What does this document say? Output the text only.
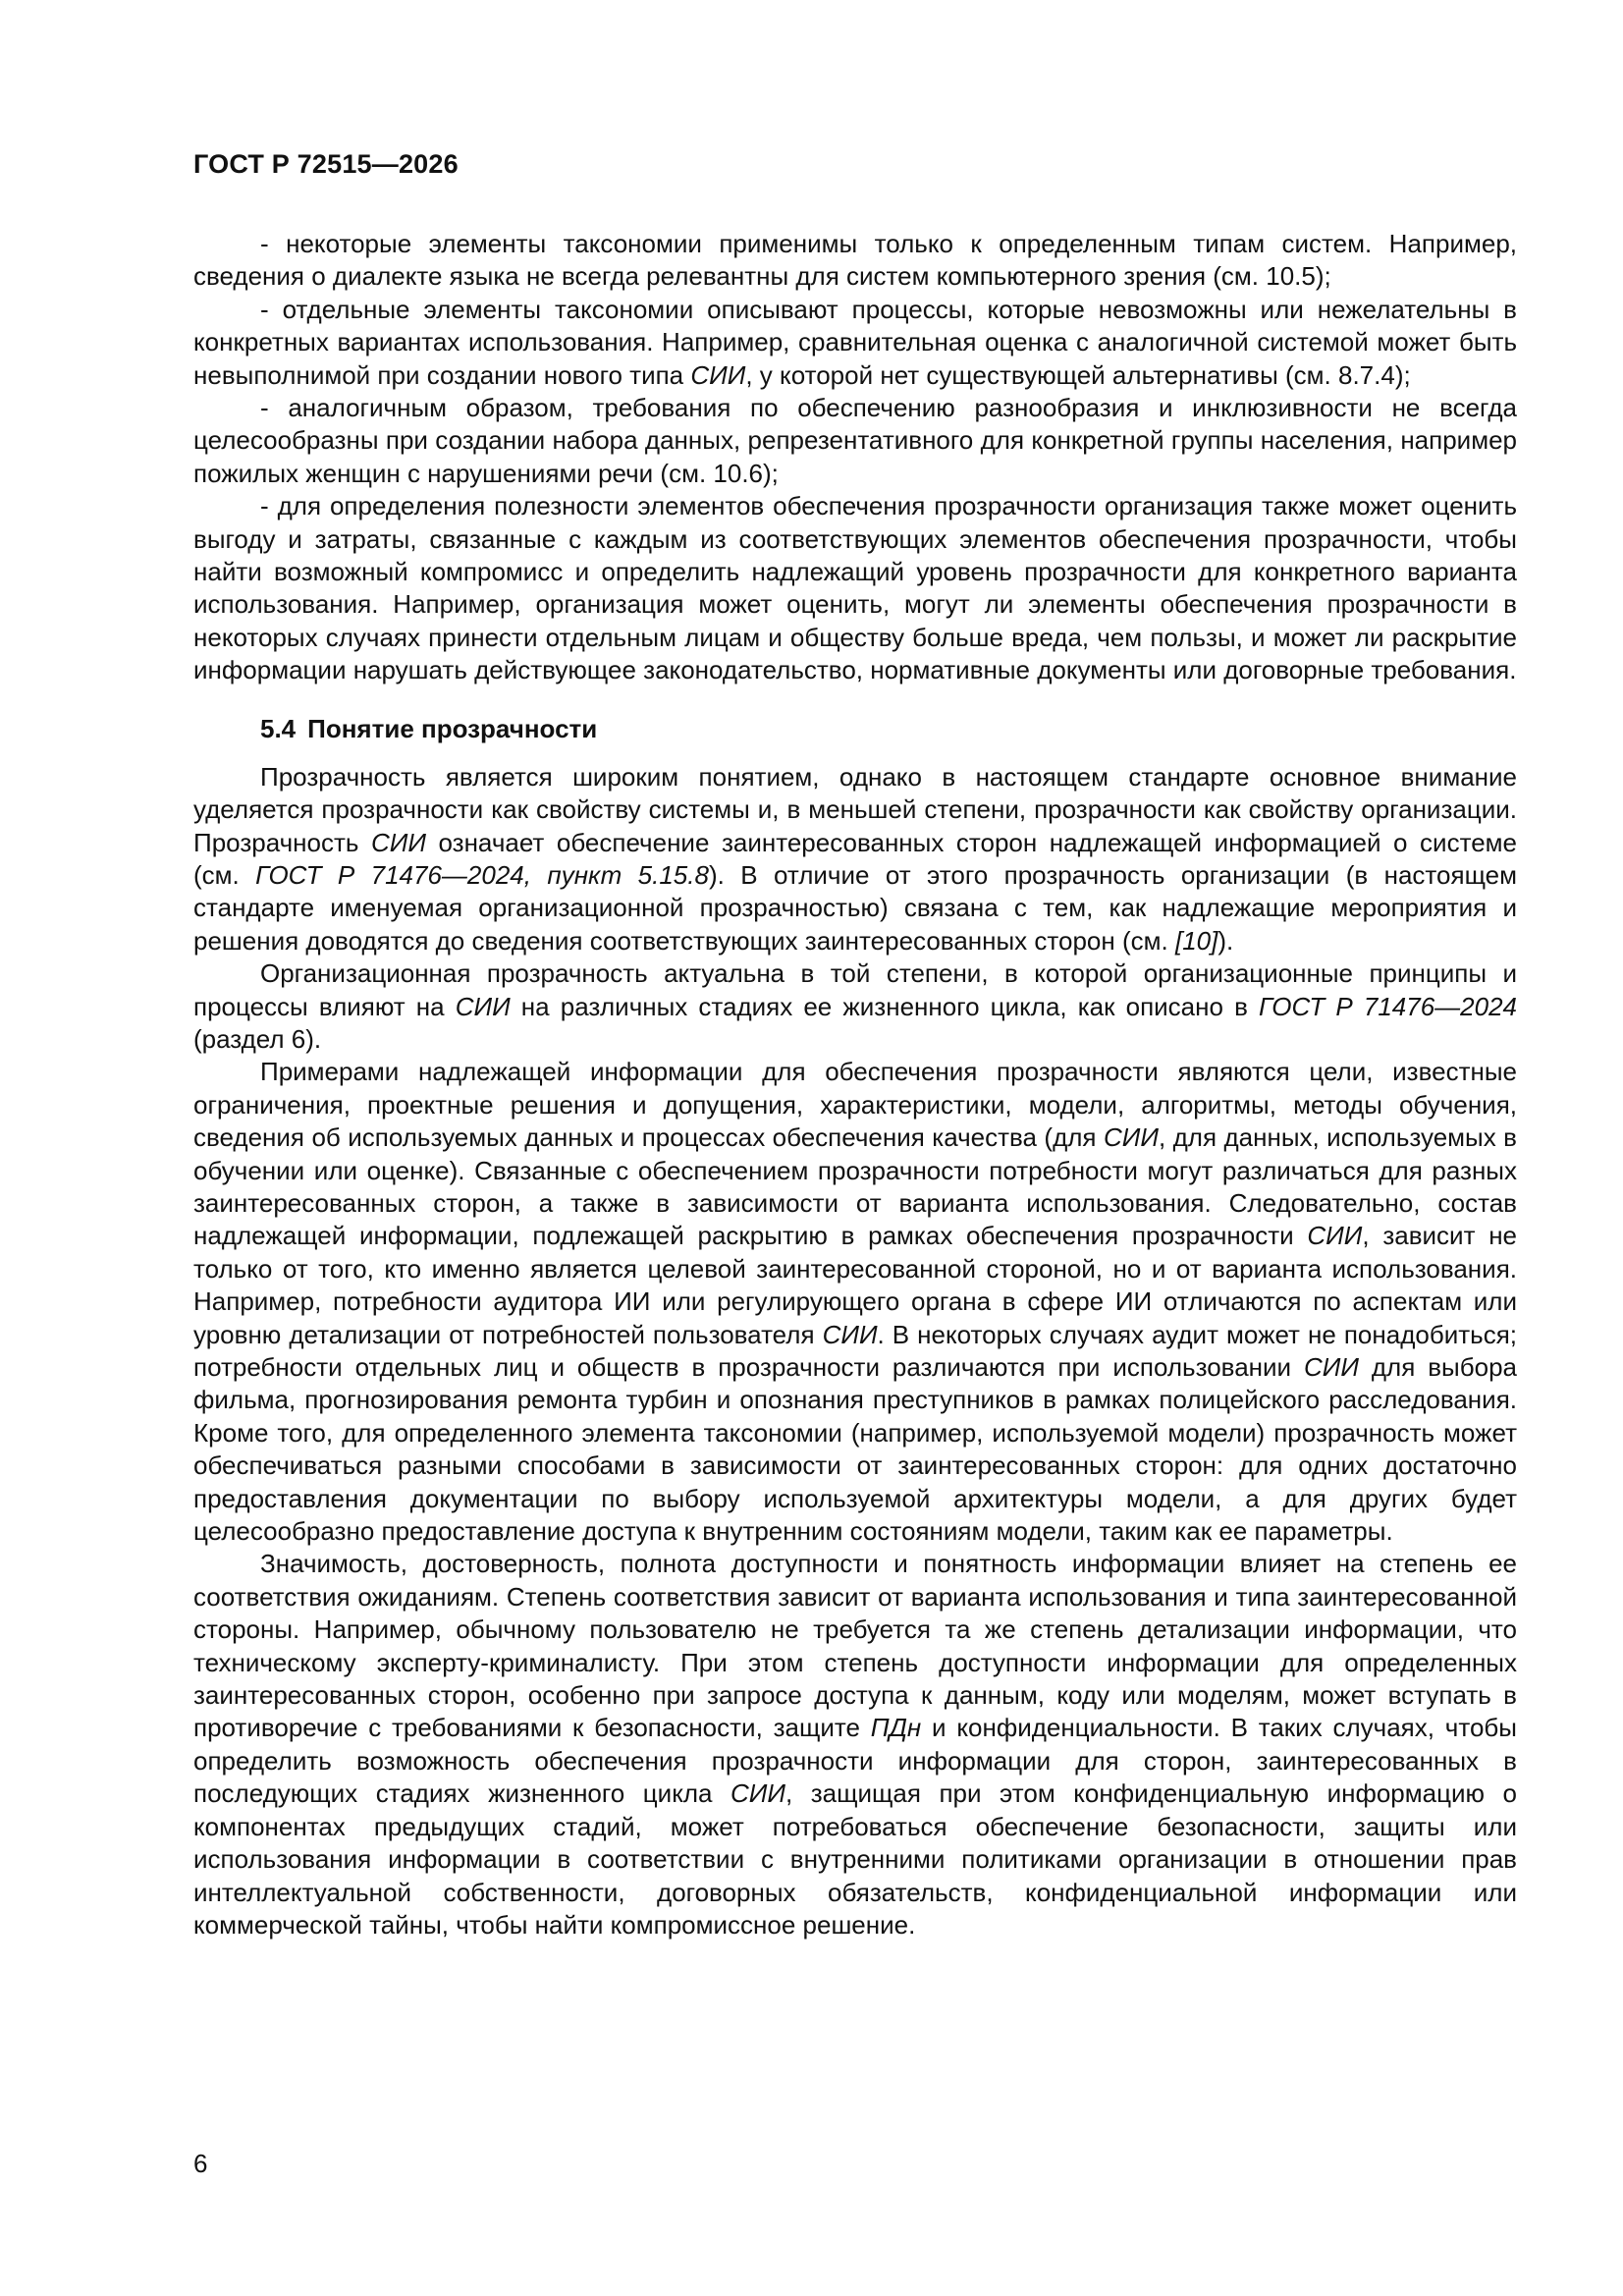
ГОСТ Р 72515—2026

- некоторые элементы таксономии применимы только к определенным типам систем. Например, сведения о диалекте языка не всегда релевантны для систем компьютерного зрения (см. 10.5);

- отдельные элементы таксономии описывают процессы, которые невозможны или нежелательны в конкретных вариантах использования. Например, сравнительная оценка с аналогичной системой может быть невыполнимой при создании нового типа СИИ, у которой нет существующей альтернативы (см. 8.7.4);

- аналогичным образом, требования по обеспечению разнообразия и инклюзивности не всегда целесообразны при создании набора данных, репрезентативного для конкретной группы населения, например пожилых женщин с нарушениями речи (см. 10.6);

- для определения полезности элементов обеспечения прозрачности организация также может оценить выгоду и затраты, связанные с каждым из соответствующих элементов обеспечения прозрачности, чтобы найти возможный компромисс и определить надлежащий уровень прозрачности для конкретного варианта использования. Например, организация может оценить, могут ли элементы обеспечения прозрачности в некоторых случаях принести отдельным лицам и обществу больше вреда, чем пользы, и может ли раскрытие информации нарушать действующее законодательство, нормативные документы или договорные требования.

5.4 Понятие прозрачности

Прозрачность является широким понятием, однако в настоящем стандарте основное внимание уделяется прозрачности как свойству системы и, в меньшей степени, прозрачности как свойству организации. Прозрачность СИИ означает обеспечение заинтересованных сторон надлежащей информацией о системе (см. ГОСТ Р 71476—2024, пункт 5.15.8). В отличие от этого прозрачность организации (в настоящем стандарте именуемая организационной прозрачностью) связана с тем, как надлежащие мероприятия и решения доводятся до сведения соответствующих заинтересованных сторон (см. [10]).

Организационная прозрачность актуальна в той степени, в которой организационные принципы и процессы влияют на СИИ на различных стадиях ее жизненного цикла, как описано в ГОСТ Р 71476—2024 (раздел 6).

Примерами надлежащей информации для обеспечения прозрачности являются цели, известные ограничения, проектные решения и допущения, характеристики, модели, алгоритмы, методы обучения, сведения об используемых данных и процессах обеспечения качества (для СИИ, для данных, используемых в обучении или оценке). Связанные с обеспечением прозрачности потребности могут различаться для разных заинтересованных сторон, а также в зависимости от варианта использования. Следовательно, состав надлежащей информации, подлежащей раскрытию в рамках обеспечения прозрачности СИИ, зависит не только от того, кто именно является целевой заинтересованной стороной, но и от варианта использования. Например, потребности аудитора ИИ или регулирующего органа в сфере ИИ отличаются по аспектам или уровню детализации от потребностей пользователя СИИ. В некоторых случаях аудит может не понадобиться; потребности отдельных лиц и обществ в прозрачности различаются при использовании СИИ для выбора фильма, прогнозирования ремонта турбин и опознания преступников в рамках полицейского расследования. Кроме того, для определенного элемента таксономии (например, используемой модели) прозрачность может обеспечиваться разными способами в зависимости от заинтересованных сторон: для одних достаточно предоставления документации по выбору используемой архитектуры модели, а для других будет целесообразно предоставление доступа к внутренним состояниям модели, таким как ее параметры.

Значимость, достоверность, полнота доступности и понятность информации влияет на степень ее соответствия ожиданиям. Степень соответствия зависит от варианта использования и типа заинтересованной стороны. Например, обычному пользователю не требуется та же степень детализации информации, что техническому эксперту-криминалисту. При этом степень доступности информации для определенных заинтересованных сторон, особенно при запросе доступа к данным, коду или моделям, может вступать в противоречие с требованиями к безопасности, защите ПДн и конфиденциальности. В таких случаях, чтобы определить возможность обеспечения прозрачности информации для сторон, заинтересованных в последующих стадиях жизненного цикла СИИ, защищая при этом конфиденциальную информацию о компонентах предыдущих стадий, может потребоваться обеспечение безопасности, защиты или использования информации в соответствии с внутренними политиками организации в отношении прав интеллектуальной собственности, договорных обязательств, конфиденциальной информации или коммерческой тайны, чтобы найти компромиссное решение.

6
